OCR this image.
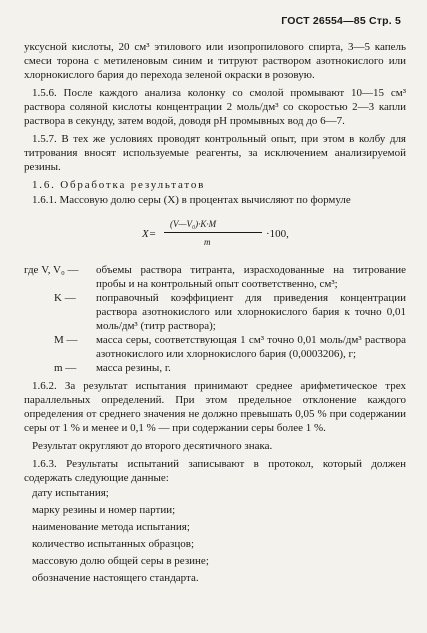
ГОСТ 26554—85 Стр. 5

уксусной кислоты, 20 см³ этилового или изопропилового спирта, 3—5 капель смеси торона с метиленовым синим и титруют раствором азотнокислого или хлорнокислого бария до перехода зеленой окраски в розовую.

1.5.6. После каждого анализа колонку со смолой промывают 10—15 см³ раствора соляной кислоты концентрации 2 моль/дм³ со скоростью 2—3 капли раствора в секунду, затем водой, доводя рН промывных вод до 6—7.

1.5.7. В тех же условиях проводят контрольный опыт, при этом в колбу для титрования вносят используемые реагенты, за исключением анализируемой резины.

1.6. Обработка результатов

1.6.1. Массовую долю серы (X) в процентах вычисляют по формуле

X=
(V—V₀)·K·M
m
·100,
где V, V₀ —	объемы раствора титранта, израсходованные на титрование пробы и на контрольный опыт соответственно, см³;
K —	поправочный коэффициент для приведения концентрации раствора азотнокислого или хлорнокислого бария к точно 0,01 моль/дм³ (титр раствора);
M —	масса серы, соответствующая 1 см³ точно 0,01 моль/дм³ раствора азотнокислого или хлорнокислого бария (0,0003206), г;
m —	масса резины, г.

1.6.2. За результат испытания принимают среднее арифметическое трех параллельных определений. При этом предельное отклонение каждого определения от среднего значения не должно превышать 0,05 % при содержании серы от 1 % и менее и 0,1 % — при содержании серы более 1 %.

Результат округляют до второго десятичного знака.

1.6.3. Результаты испытаний записывают в протокол, который должен содержать следующие данные:

дату испытания;

марку резины и номер партии;

наименование метода испытания;

количество испытанных образцов;

массовую долю общей серы в резине;

обозначение настоящего стандарта.
